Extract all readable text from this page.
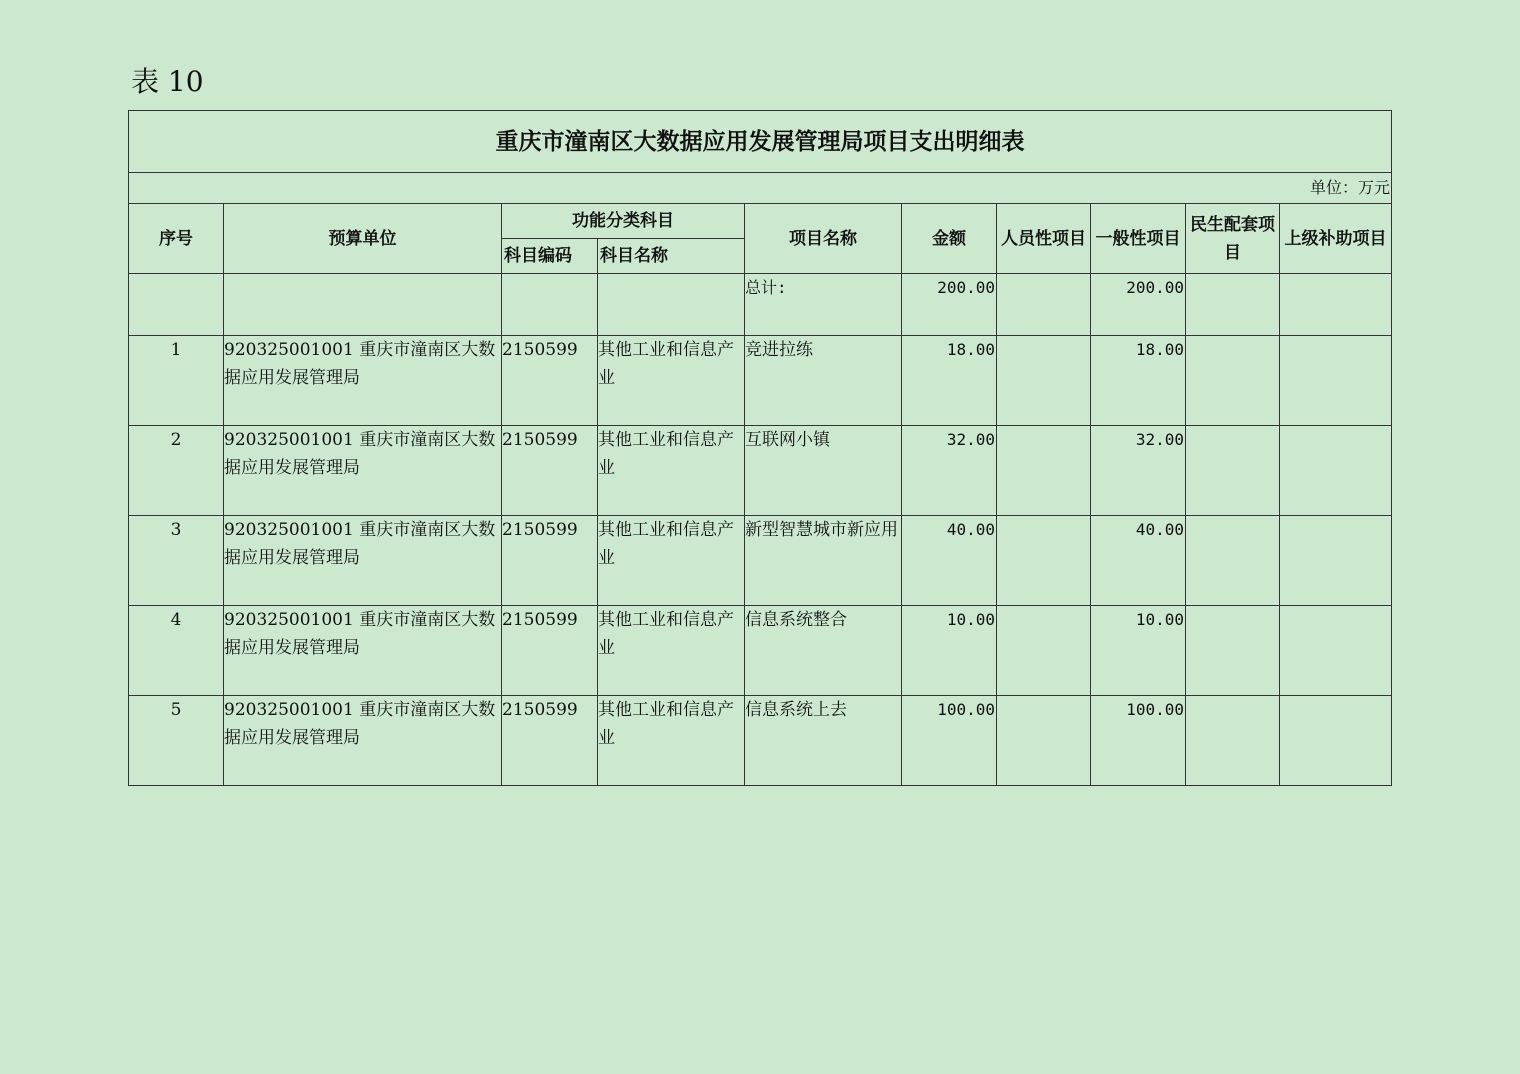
表 10
重庆市潼南区大数据应用发展管理局项目支出明细表									
单位：万元									
序号	预算单位	功能分类科目		项目名称	金额	人员性项目	一般性项目	民生配套项目	上级补助项目
		科目编码	科目名称						
				总计:	200.00		200.00		
1	920325001001 重庆市潼南区大数据应用发展管理局	2150599	其他工业和信息产业	竞进拉练	18.00		18.00		
2	920325001001 重庆市潼南区大数据应用发展管理局	2150599	其他工业和信息产业	互联网小镇	32.00		32.00		
3	920325001001 重庆市潼南区大数据应用发展管理局	2150599	其他工业和信息产业	新型智慧城市新应用	40.00		40.00		
4	920325001001 重庆市潼南区大数据应用发展管理局	2150599	其他工业和信息产业	信息系统整合	10.00		10.00		
5	920325001001 重庆市潼南区大数据应用发展管理局	2150599	其他工业和信息产业	信息系统上去	100.00		100.00		
